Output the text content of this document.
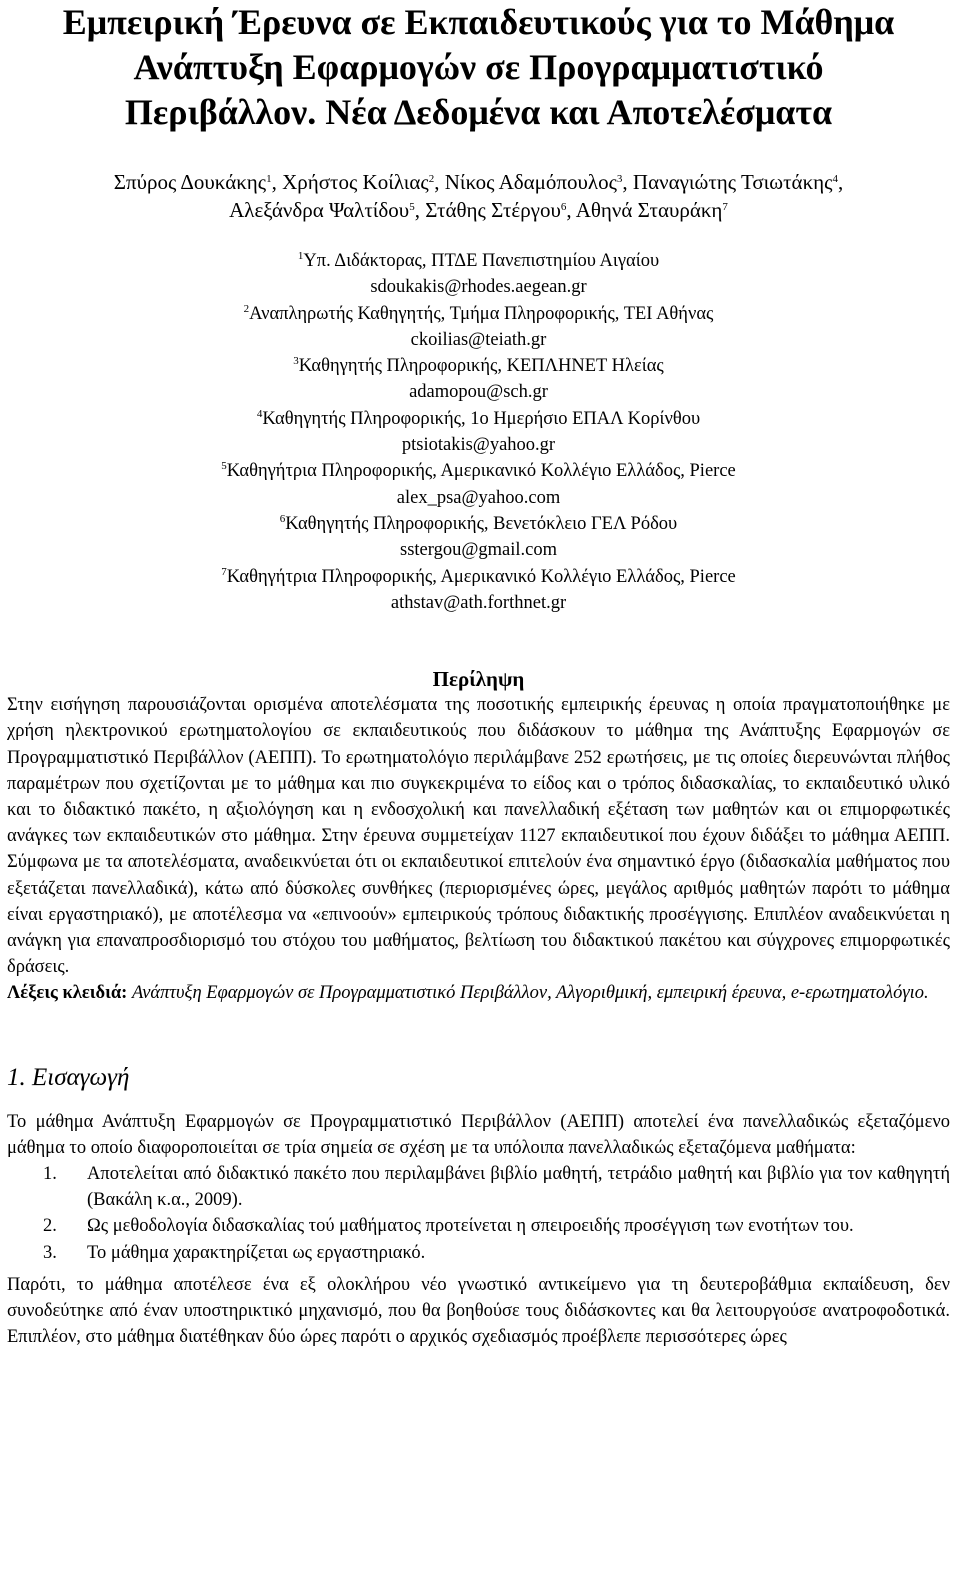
Εμπειρική Έρευνα σε Εκπαιδευτικούς για το Μάθημα
Ανάπτυξη Εφαρμογών σε Προγραμματιστικό
Περιβάλλον. Νέα Δεδομένα και Αποτελέσματα
Σπύρος Δουκάκης$^1$, Χρήστος Κοίλιας$^2$, Νίκος Αδαμόπουλος$^3$, Παναγιώτης Τσιωτάκης$^4$,
Αλεξάνδρα Ψαλτίδου$^5$, Στάθης Στέργου$^6$, Αθηνά Σταυράκη$^7$
$^1$Υπ. Διδάκτορας, ΠΤΔΕ Πανεπιστημίου Αιγαίου
sdoukakis@rhodes.aegean.gr
$^2$Αναπληρωτής Καθηγητής, Τμήμα Πληροφορικής, ΤΕΙ Αθήνας
ckoilias@teiath.gr
$^3$Καθηγητής Πληροφορικής, ΚΕΠΛΗΝΕΤ Ηλείας
adamopou@sch.gr
$^4$Καθηγητής Πληροφορικής, 1ο Ημερήσιο ΕΠΑΛ Κορίνθου
ptsiotakis@yahoo.gr
$^5$Καθηγήτρια Πληροφορικής, Αμερικανικό Κολλέγιο Ελλάδος, Pierce
alex_psa@yahoo.com
$^6$Καθηγητής Πληροφορικής, Βενετόκλειο ΓΕΛ Ρόδου
sstergou@gmail.com
$^7$Καθηγήτρια Πληροφορικής, Αμερικανικό Κολλέγιο Ελλάδος, Pierce
athstav@ath.forthnet.gr
Περίληψη
Στην εισήγηση παρουσιάζονται ορισμένα αποτελέσματα της ποσοτικής εμπειρικής έρευνας η οποία πραγματοποιήθηκε με χρήση ηλεκτρονικού ερωτηματολογίου σε εκπαιδευτικούς που διδάσκουν το μάθημα της Ανάπτυξης Εφαρμογών σε Προγραμματιστικό Περιβάλλον (ΑΕΠΠ). Το ερωτηματολόγιο περιλάμβανε 252 ερωτήσεις, με τις οποίες διερευνώνται πλήθος παραμέτρων που σχετίζονται με το μάθημα και πιο συγκεκριμένα το είδος και ο τρόπος διδασκαλίας, το εκπαιδευτικό υλικό και το διδακτικό πακέτο, η αξιολόγηση και η ενδοσχολική και πανελλαδική εξέταση των μαθητών και οι επιμορφωτικές ανάγκες των εκπαιδευτικών στο μάθημα. Στην έρευνα συμμετείχαν 1127 εκπαιδευτικοί που έχουν διδάξει το μάθημα ΑΕΠΠ. Σύμφωνα με τα αποτελέσματα, αναδεικνύεται ότι οι εκπαιδευτικοί επιτελούν ένα σημαντικό έργο (διδασκαλία μαθήματος που εξετάζεται πανελλαδικά), κάτω από δύσκολες συνθήκες (περιορισμένες ώρες, μεγάλος αριθμός μαθητών παρότι το μάθημα είναι εργαστηριακό), με αποτέλεσμα να «επινοούν» εμπειρικούς τρόπους διδακτικής προσέγγισης. Επιπλέον αναδεικνύεται η ανάγκη για επαναπροσδιορισμό του στόχου του μαθήματος, βελτίωση του διδακτικού πακέτου και σύγχρονες επιμορφωτικές δράσεις.
Λέξεις κλειδιά: Ανάπτυξη Εφαρμογών σε Προγραμματιστικό Περιβάλλον, Αλγοριθμική, εμπειρική έρευνα, e-ερωτηματολόγιο.
1. Εισαγωγή
Το μάθημα Ανάπτυξη Εφαρμογών σε Προγραμματιστικό Περιβάλλον (ΑΕΠΠ) αποτελεί ένα πανελλαδικώς εξεταζόμενο μάθημα το οποίο διαφοροποιείται σε τρία σημεία σε σχέση με τα υπόλοιπα πανελλαδικώς εξεταζόμενα μαθήματα:
1. Αποτελείται από διδακτικό πακέτο που περιλαμβάνει βιβλίο μαθητή, τετράδιο μαθητή και βιβλίο για τον καθηγητή (Βακάλη κ.α., 2009).
2. Ως μεθοδολογία διδασκαλίας τού μαθήματος προτείνεται η σπειροειδής προσέγγιση των ενοτήτων του.
3. Το μάθημα χαρακτηρίζεται ως εργαστηριακό.
Παρότι, το μάθημα αποτέλεσε ένα εξ ολοκλήρου νέο γνωστικό αντικείμενο για τη δευτεροβάθμια εκπαίδευση, δεν συνοδεύτηκε από έναν υποστηρικτικό μηχανισμό, που θα βοηθούσε τους διδάσκοντες και θα λειτουργούσε ανατροφοδοτικά. Επιπλέον, στο μάθημα διατέθηκαν δύο ώρες παρότι ο αρχικός σχεδιασμός προέβλεπε περισσότερες ώρες
